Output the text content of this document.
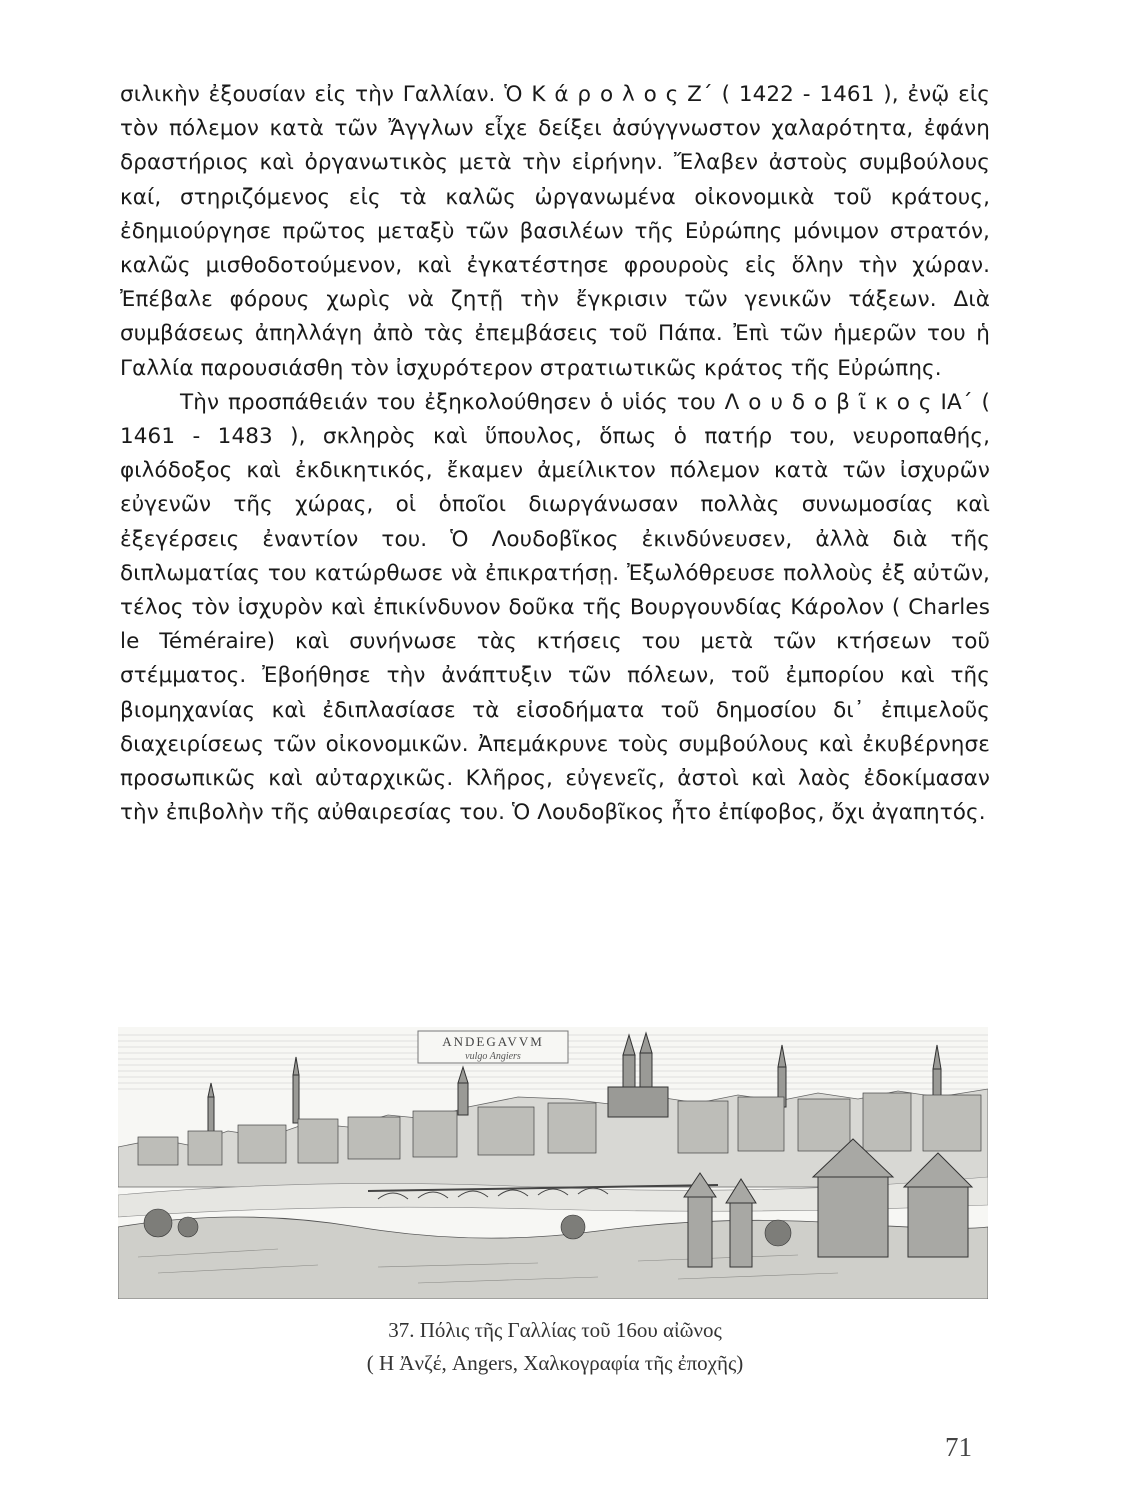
σιλικὴν ἐξουσίαν εἰς τὴν Γαλλίαν. Ὁ Κ ά ρ ο λ ο ς Ζ΄ ( 1422 - 1461 ), ἐνῷ εἰς τὸν πόλεμον κατὰ τῶν Ἄγγλων εἶχε δείξει ἀσύγγνωστον χαλαρότητα, ἐφάνη δραστήριος καὶ ὀργανωτικὸς μετὰ τὴν εἰρήνην. Ἔλαβεν ἀστοὺς συμβούλους καί, στηριζόμενος εἰς τὰ καλῶς ὠργανωμένα οἰκονομικὰ τοῦ κράτους, ἐδημιούργησε πρῶτος μεταξὺ τῶν βασιλέων τῆς Εὐρώπης μόνιμον στρατόν, καλῶς μισθοδοτούμενον, καὶ ἐγκατέστησε φρουροὺς εἰς ὅλην τὴν χώραν. Ἐπέβαλε φόρους χωρὶς νὰ ζητῇ τὴν ἔγκρισιν τῶν γενικῶν τάξεων. Διὰ συμβάσεως ἀπηλλάγη ἀπὸ τὰς ἐπεμβάσεις τοῦ Πάπα. Ἐπὶ τῶν ἡμερῶν του ἡ Γαλλία παρουσιάσθη τὸν ἰσχυρότερον στρατιωτικῶς κράτος τῆς Εὐρώπης.

Τὴν προσπάθειάν του ἐξηκολούθησεν ὁ υἱός του Λ ο υ δ ο β ῖ κ ο ς ΙΑ΄ ( 1461 - 1483 ), σκληρὸς καὶ ὕπουλος, ὅπως ὁ πατήρ του, νευροπαθής, φιλόδοξος καὶ ἐκδικητικός, ἔκαμεν ἀμείλικτον πόλεμον κατὰ τῶν ἰσχυρῶν εὐγενῶν τῆς χώρας, οἱ ὁποῖοι διωργάνωσαν πολλὰς συνωμοσίας καὶ ἐξεγέρσεις ἐναντίον του. Ὁ Λουδοβῖκος ἐκινδύνευσεν, ἀλλὰ διὰ τῆς διπλωματίας του κατώρθωσε νὰ ἐπικρατήσῃ. Ἐξωλόθρευσε πολλοὺς ἐξ αὐτῶν, τέλος τὸν ἰσχυρὸν καὶ ἐπικίνδυνον δοῦκα τῆς Βουργουνδίας Κάρολον ( Charles le Téméraire) καὶ συνήνωσε τὰς κτήσεις του μετὰ τῶν κτήσεων τοῦ στέμματος. Ἐβοήθησε τὴν ἀνάπτυξιν τῶν πόλεων, τοῦ ἐμπορίου καὶ τῆς βιομηχανίας καὶ ἐδιπλασίασε τὰ εἰσοδήματα τοῦ δημοσίου δι᾽ ἐπιμελοῦς διαχειρίσεως τῶν οἰκονομικῶν. Ἀπεμάκρυνε τοὺς συμβούλους καὶ ἐκυβέρνησε προσωπικῶς καὶ αὐταρχικῶς. Κλῆρος, εὐγενεῖς, ἀστοὶ καὶ λαὸς ἐδοκίμασαν τὴν ἐπιβολὴν τῆς αὐθαιρεσίας του. Ὁ Λουδοβῖκος ἦτο ἐπίφοβος, ὄχι ἀγαπητός.

ANDEGAVVM
vulgo Angiers
37. Πόλις τῆς Γαλλίας τοῦ 16ου αἰῶνος
( Η Ἀνζέ, Angers, Χαλκογραφία τῆς ἐποχῆς)
71
